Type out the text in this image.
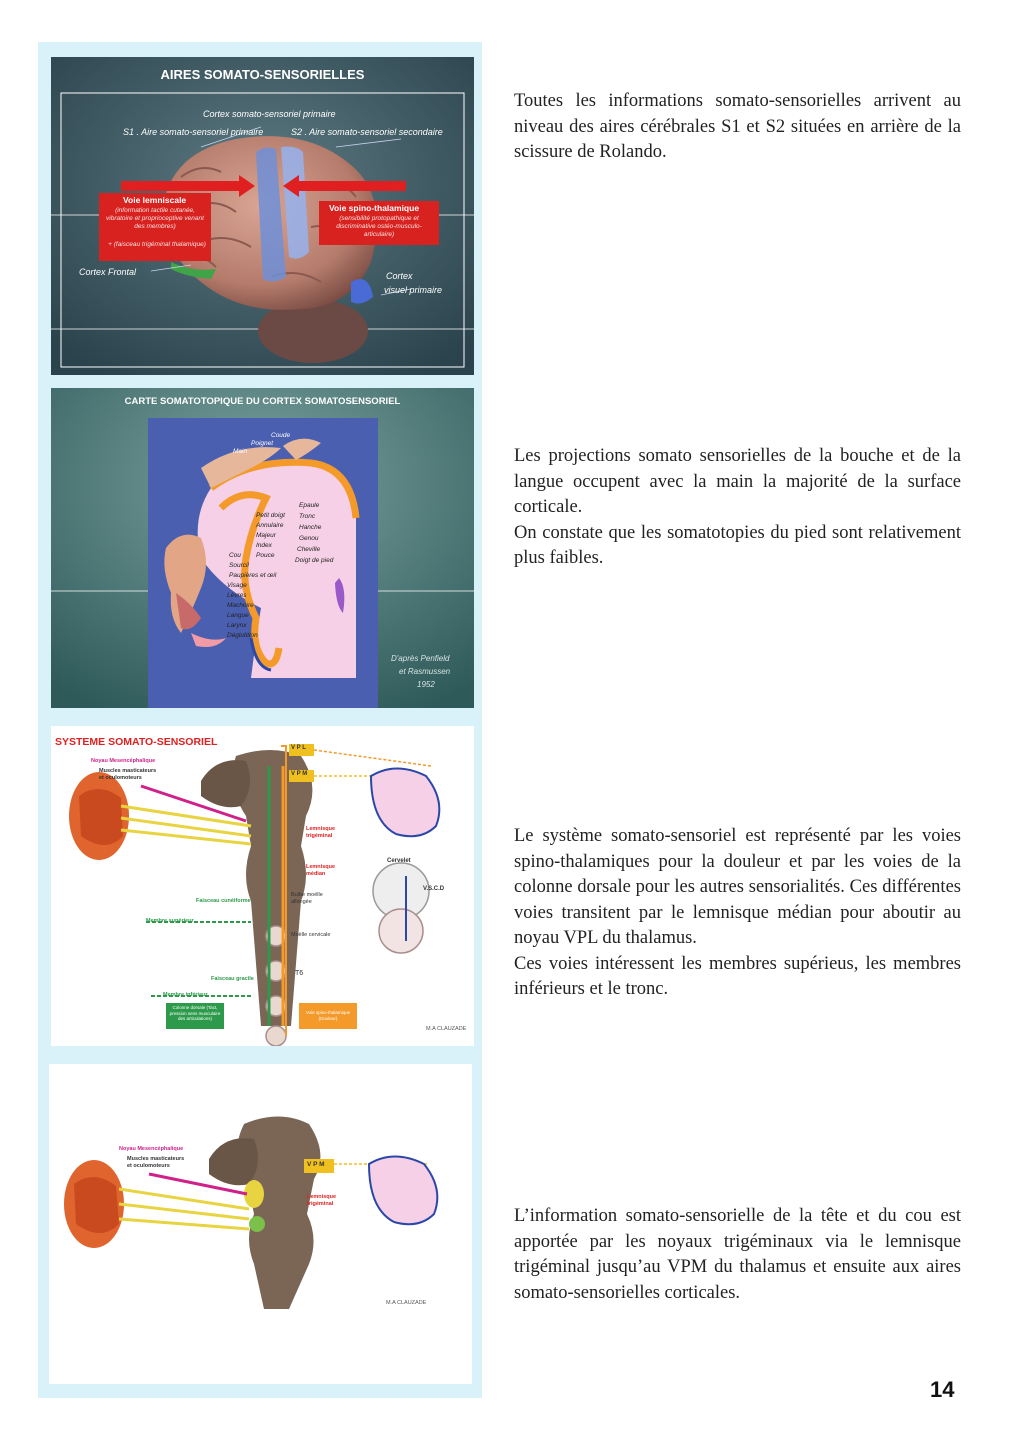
AIRES SOMATO-SENSORIELLES
Cortex somato-sensoriel primaire
S1 . Aire somato-sensoriel primaire	S2 . Aire somato-sensoriel secondaire
Voie lemniscale
(information tactile cutanée, vibratoire et proprioceptive venant des membres)
+ (faisceau trigéminal thalamique)
Voie spino-thalamique
(sensibilité protopathique et discriminative ostéo-musculo-articulaire)
Cortex Frontal	Cortex
visuel primaire
CARTE SOMATOTOPIQUE DU CORTEX SOMATOSENSORIEL
Coude
Poignet
Main
Epaule
Tronc
Hanche
Genou
Cheville
Doigt de pied
Petit doigt
Annulaire
Majeur
Index
Pouce
Cou
Sourcil
Paupières et œil
Visage
Lèvres
Machoire
Langue
Larynx
Déglutition
D'après Penfield
et Rasmussen
1952
SYSTEME SOMATO-SENSORIEL	V P L
V P M
Noyau Mesencéphalique
Muscles masticateurs et oculomoteurs
Lemnisque trigéminal
Lemnisque médian
Bulbe moëlle allongée
Moëlle cervicale
T6
Faisceau cunéiforme
Faisceau gracile
Membre supérieur
Membre inférieur
Colonne dorsale (Tact, pression sens musculaire des articulations)
Voie spino-thalamique (Douleur)
Cervelet
V.S.C.D
M.A CLAUZADE
V P M
Noyau Mesencéphalique
Muscles masticateurs et oculomoteurs
Lemnisque trigéminal
M.A CLAUZADE

Toutes les informations somato-sensorielles arrivent au niveau des aires cérébrales S1 et S2 situées en arrière de la scissure de Rolando.

Les projections somato sensorielles de la bouche et de la langue occupent avec la main la majorité de la surface corticale.
On constate que les somatotopies du pied sont relativement plus faibles.

Le système somato-sensoriel est représenté par les voies spino-thalamiques pour la douleur et par les voies de la colonne dorsale pour les autres sensorialités. Ces différentes voies transitent par le lemnisque médian pour aboutir au noyau VPL du thalamus.
Ces voies intéressent les membres supérieus, les membres inférieurs et le tronc.

L’information somato-sensorielle de la tête et du cou est apportée par les noyaux trigéminaux via le lemnisque trigéminal jusqu’au VPM du thalamus et ensuite aux aires somato-sensorielles corticales.

14
